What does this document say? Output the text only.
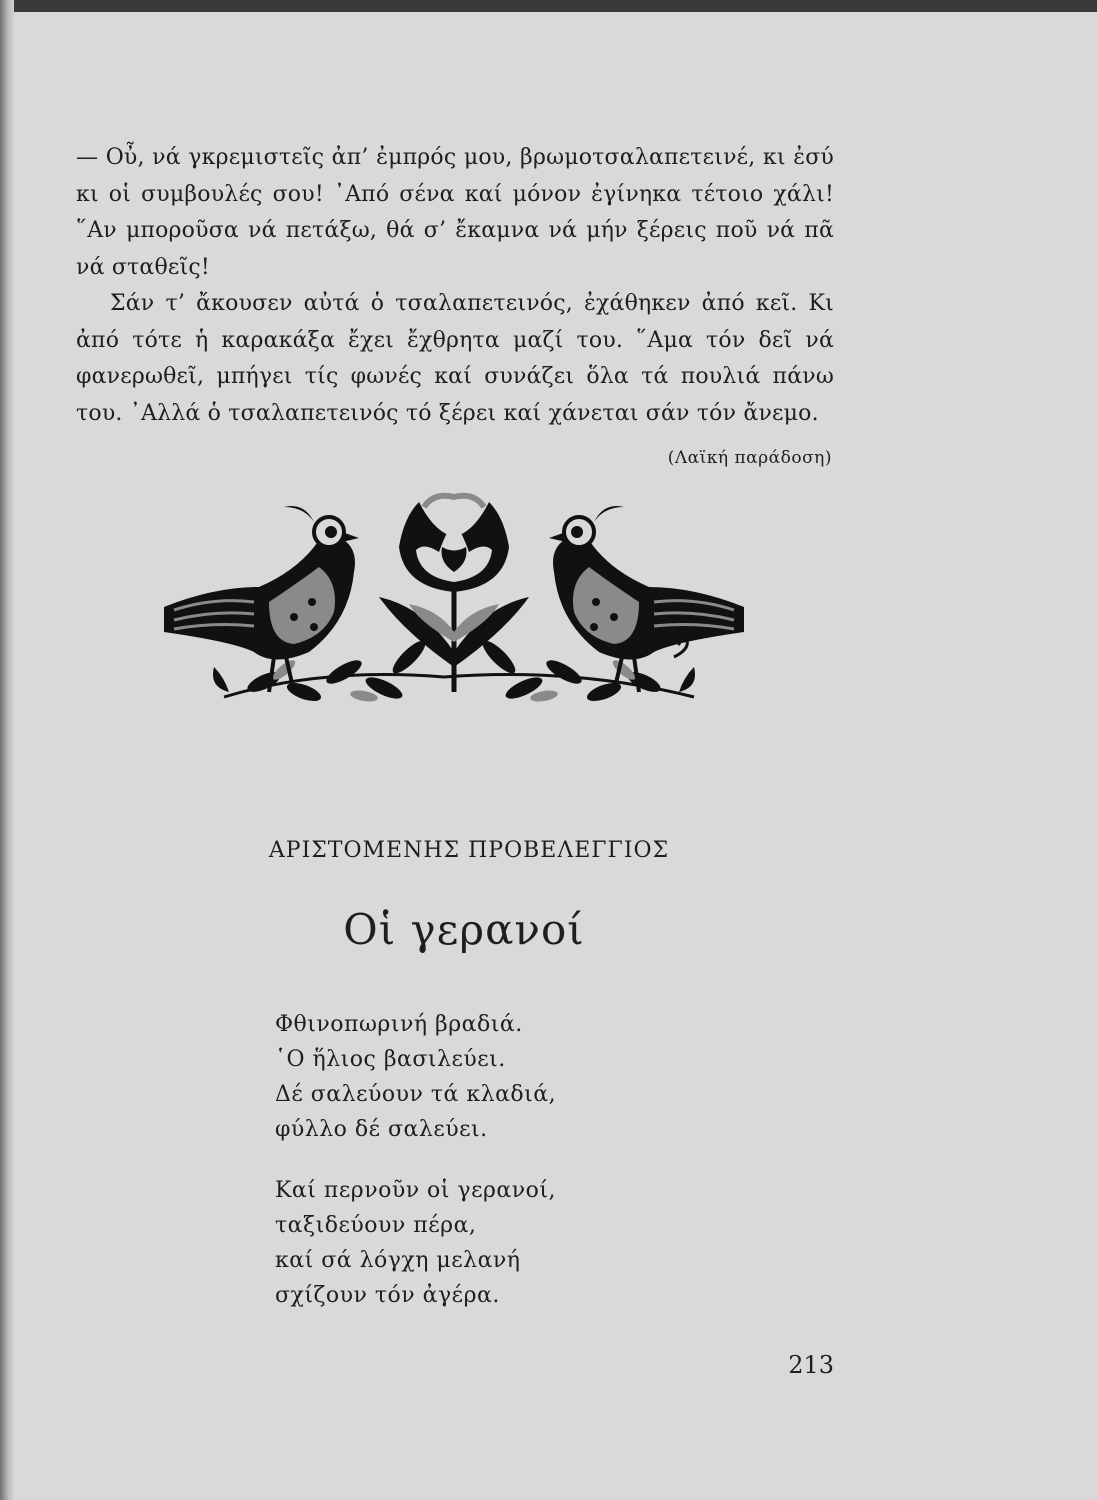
— Οὖ, νά γκρεμιστεῖς ἀπ’ ἐμπρός μου, βρωμοτσαλαπετεινέ, κι ἐσύ κι οἱ συμβουλές σου! ᾿Από σένα καί μόνον ἐγίνηκα τέτοιο χάλι! ῞Αν μποροῦσα νά πετάξω, θά σ’ ἔκαμνα νά μήν ξέρεις ποῦ νά πᾶ νά σταθεῖς!

Σάν τ’ ἄκουσεν αὐτά ὁ τσαλαπετεινός, ἐχάθηκεν ἀπό κεῖ. Κι ἀπό τότε ἡ καρακάξα ἔχει ἔχθρητα μαζί του. ῞Αμα τόν δεῖ νά φανερωθεῖ, μπήγει τίς φωνές καί συνάζει ὅλα τά πουλιά πάνω του. ᾿Αλλά ὁ τσαλαπετεινός τό ξέρει καί χάνεται σάν τόν ἄνεμο.

(Λαϊκή παράδοση)
ΑΡΙΣΤΟΜΕΝΗΣ ΠΡΟΒΕΛΕΓΓΙΟΣ
Οἱ γερανοί
Φθινοπωρινή βραδιά.
῾Ο ἥλιος βασιλεύει.
Δέ σαλεύουν τά κλαδιά,
φύλλο δέ σαλεύει.
Καί περνοῦν οἱ γερανοί,
ταξιδεύουν πέρα,
καί σά λόγχη μελανή
σχίζουν τόν ἀγέρα.
213
